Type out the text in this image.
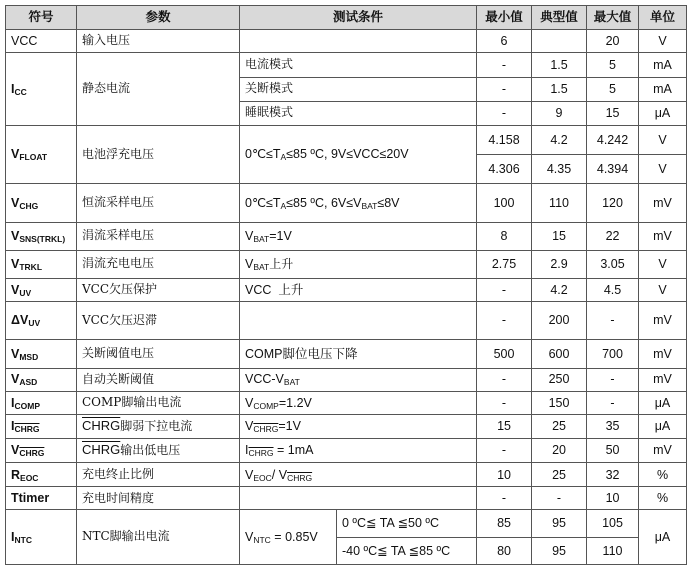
符号	参数	测试条件		最小值	典型值	最大值	单位
VCC	输入电压			6		20	V
$I_{CC}$	静态电流	电流模式		-	1.5	5	mA
		关断模式		-	1.5	5	mA
		睡眠模式		-	9	15	μA
$V_{FLOAT}$	电池浮充电压	$0℃\le T_A\le 85$ ºC, 9V≤VCC≤20V		4.158	4.2	4.242	V
				4.306	4.35	4.394	V
$V_{CHG}$	恒流采样电压	$0℃\le T_A\le 85$ ºC, $6V\le V_{BAT}\le 8V$		100	110	120	mV
$V_{SNS(TRKL)}$	涓流采样电压	$V_{BAT}=1V$		8	15	22	mV
$V_{TRKL}$	涓流充电电压	$V_{BAT}$上升		2.75	2.9	3.05	V
$V_{UV}$	VCC欠压保护	VCC  上升		-	4.2	4.5	V
$\Delta V_{UV}$	VCC欠压迟滞			-	200	-	mV
$V_{MSD}$	关断阈值电压	COMP脚位电压下降		500	600	700	mV
$V_{ASD}$	自动关断阈值	VCC-$V_{BAT}$		-	250	-	mV
$I_{COMP}$	COMP脚输出电流	$V_{COMP}=1.2V$		-	150	-	μA
$I_{CHRG}$	CHRG脚弱下拉电流	$V_{CHRG}=1V$		15	25	35	μA
$V_{CHRG}$	CHRG输出低电压	$I_{CHRG} = 1mA$		-	20	50	mV
$R_{EOC}$	充电终止比例	$V_{EOC}/$ $V_{CHRG}$		10	25	32	%
Ttimer	充电时间精度			-	-	10	%
$I_{NTC}$	NTC脚输出电流	$V_{NTC} = 0.85V$	0 ºC≦ TA ≦50 ºC	85	95	105	μA
			-40 ºC≦ TA ≦85 ºC	80	95	110	
